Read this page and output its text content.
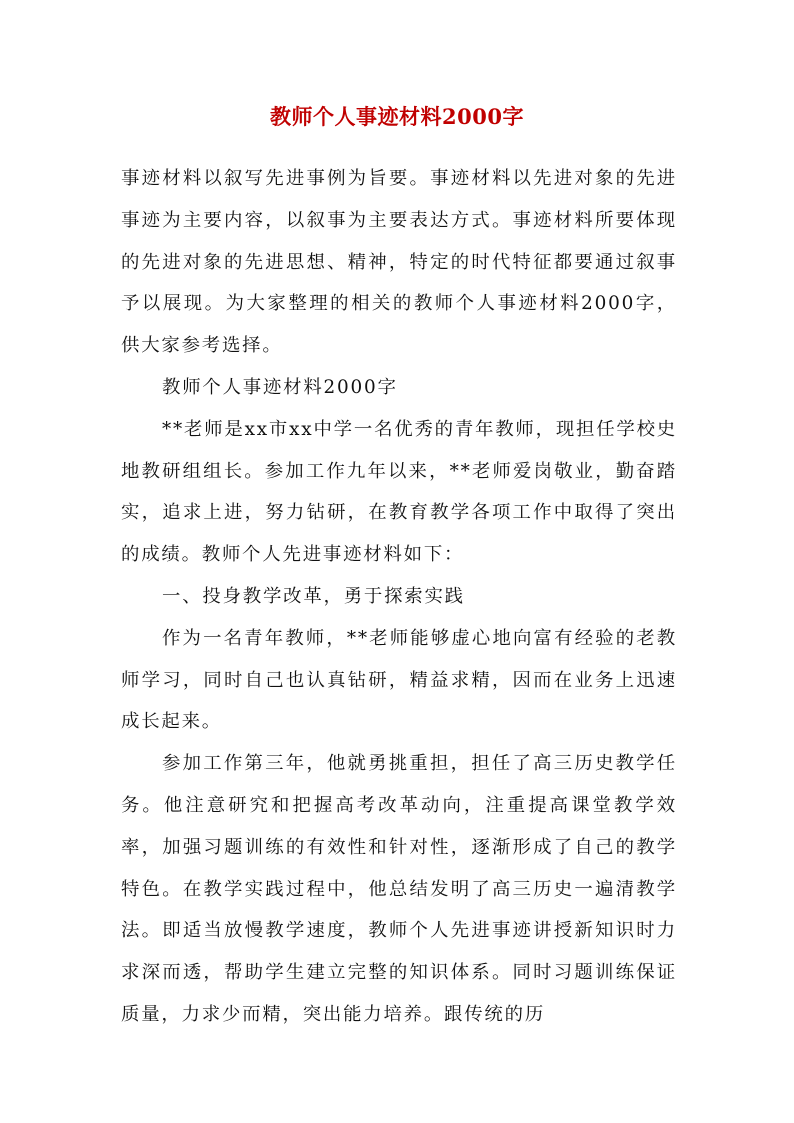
教师个人事迹材料2000字

事迹材料以叙写先进事例为旨要。事迹材料以先进对象的先进事迹为主要内容，以叙事为主要表达方式。事迹材料所要体现的先进对象的先进思想、精神，特定的时代特征都要通过叙事予以展现。为大家整理的相关的教师个人事迹材料2000字，供大家参考选择。

教师个人事迹材料2000字

**老师是xx市xx中学一名优秀的青年教师，现担任学校史地教研组组长。参加工作九年以来，**老师爱岗敬业，勤奋踏实，追求上进，努力钻研，在教育教学各项工作中取得了突出的成绩。教师个人先进事迹材料如下：

一、投身教学改革，勇于探索实践

作为一名青年教师，**老师能够虚心地向富有经验的老教师学习，同时自己也认真钻研，精益求精，因而在业务上迅速成长起来。

参加工作第三年，他就勇挑重担，担任了高三历史教学任务。他注意研究和把握高考改革动向，注重提高课堂教学效率，加强习题训练的有效性和针对性，逐渐形成了自己的教学特色。在教学实践过程中，他总结发明了高三历史一遍清教学法。即适当放慢教学速度，教师个人先进事迹讲授新知识时力求深而透，帮助学生建立完整的知识体系。同时习题训练保证质量，力求少而精，突出能力培养。跟传统的历
